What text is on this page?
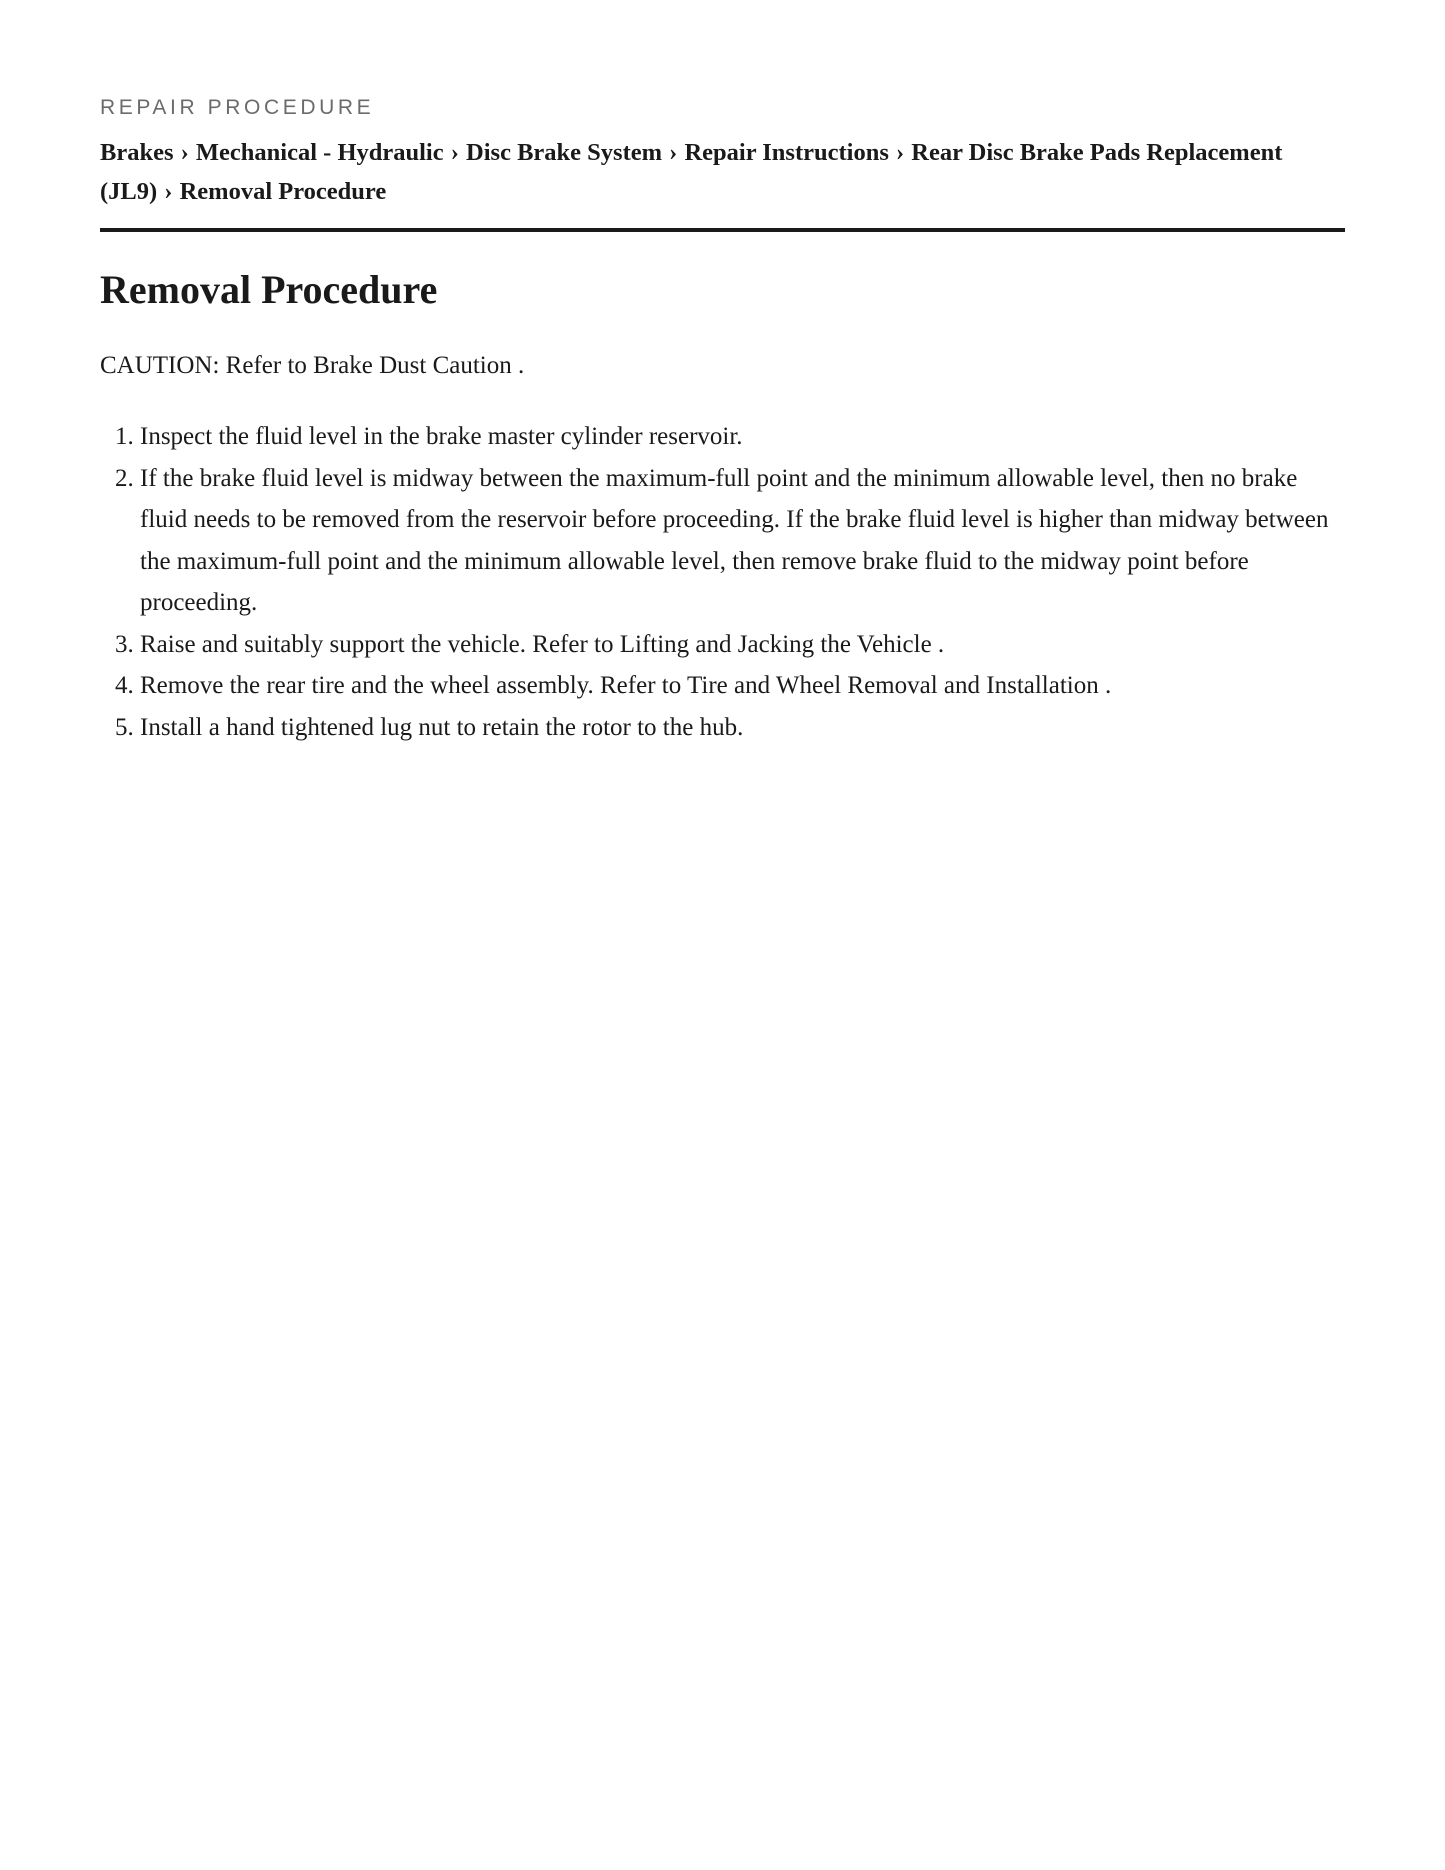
REPAIR PROCEDURE

Brakes › Mechanical - Hydraulic › Disc Brake System › Repair Instructions › Rear Disc Brake Pads Replacement (JL9) › Removal Procedure
Removal Procedure

CAUTION: Refer to Brake Dust Caution .

1. Inspect the fluid level in the brake master cylinder reservoir.
2. If the brake fluid level is midway between the maximum-full point and the minimum allowable level, then no brake fluid needs to be removed from the reservoir before proceeding. If the brake fluid level is higher than midway between the maximum-full point and the minimum allowable level, then remove brake fluid to the midway point before proceeding.
3. Raise and suitably support the vehicle. Refer to Lifting and Jacking the Vehicle .
4. Remove the rear tire and the wheel assembly. Refer to Tire and Wheel Removal and Installation .
5. Install a hand tightened lug nut to retain the rotor to the hub.
